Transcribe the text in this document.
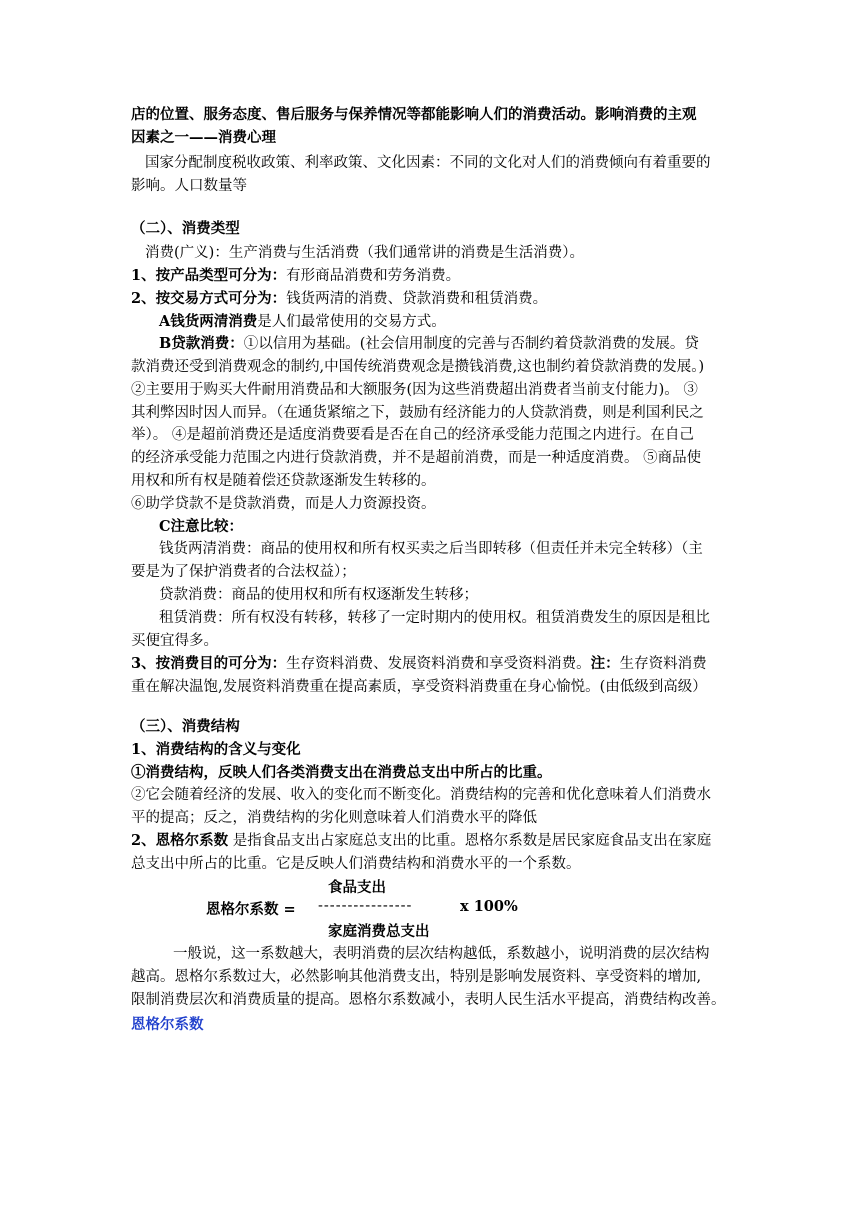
店的位置、服务态度、售后服务与保养情况等都能影响人们的消费活动。影响消费的主观
因素之一——消费心理
国家分配制度税收政策、利率政策、文化因素：不同的文化对人们的消费倾向有着重要的
影响。人口数量等
（二）、消费类型
消费(广义)：生产消费与生活消费（我们通常讲的消费是生活消费）。
1、按产品类型可分为：有形商品消费和劳务消费。
2、按交易方式可分为：钱货两清的消费、贷款消费和租赁消费。
A钱货两清消费是人们最常使用的交易方式。
B贷款消费：①以信用为基础。(社会信用制度的完善与否制约着贷款消费的发展。贷
款消费还受到消费观念的制约,中国传统消费观念是攒钱消费,这也制约着贷款消费的发展。)
②主要用于购买大件耐用消费品和大额服务(因为这些消费超出消费者当前支付能力)。 ③
其利弊因时因人而异。（在通货紧缩之下，鼓励有经济能力的人贷款消费，则是利国利民之
举）。 ④是超前消费还是适度消费要看是否在自己的经济承受能力范围之内进行。在自己
的经济承受能力范围之内进行贷款消费，并不是超前消费，而是一种适度消费。 ⑤商品使
用权和所有权是随着偿还贷款逐渐发生转移的。
⑥助学贷款不是贷款消费，而是人力资源投资。
C注意比较：
钱货两清消费：商品的使用权和所有权买卖之后当即转移（但责任并未完全转移）（主
要是为了保护消费者的合法权益）；
贷款消费：商品的使用权和所有权逐渐发生转移；
租赁消费：所有权没有转移，转移了一定时期内的使用权。租赁消费发生的原因是租比
买便宜得多。
3、按消费目的可分为：生存资料消费、发展资料消费和享受资料消费。注：生存资料消费
重在解决温饱,发展资料消费重在提高素质，享受资料消费重在身心愉悦。(由低级到高级）
（三）、消费结构
1、消费结构的含义与变化
①消费结构，反映人们各类消费支出在消费总支出中所占的比重。
②它会随着经济的发展、收入的变化而不断变化。消费结构的完善和优化意味着人们消费水
平的提高；反之，消费结构的劣化则意味着人们消费水平的降低
2、恩格尔系数 是指食品支出占家庭总支出的比重。恩格尔系数是居民家庭食品支出在家庭
总支出中所占的比重。它是反映人们消费结构和消费水平的一个系数。
一般说，这一系数越大，表明消费的层次结构越低，系数越小，说明消费的层次结构
越高。恩格尔系数过大，必然影响其他消费支出，特别是影响发展资料、享受资料的增加,
限制消费层次和消费质量的提高。恩格尔系数减小，表明人民生活水平提高，消费结构改善。
恩格尔系数
食品支出
恩格尔系数 = ----------------	x 100%
家庭消费总支出
